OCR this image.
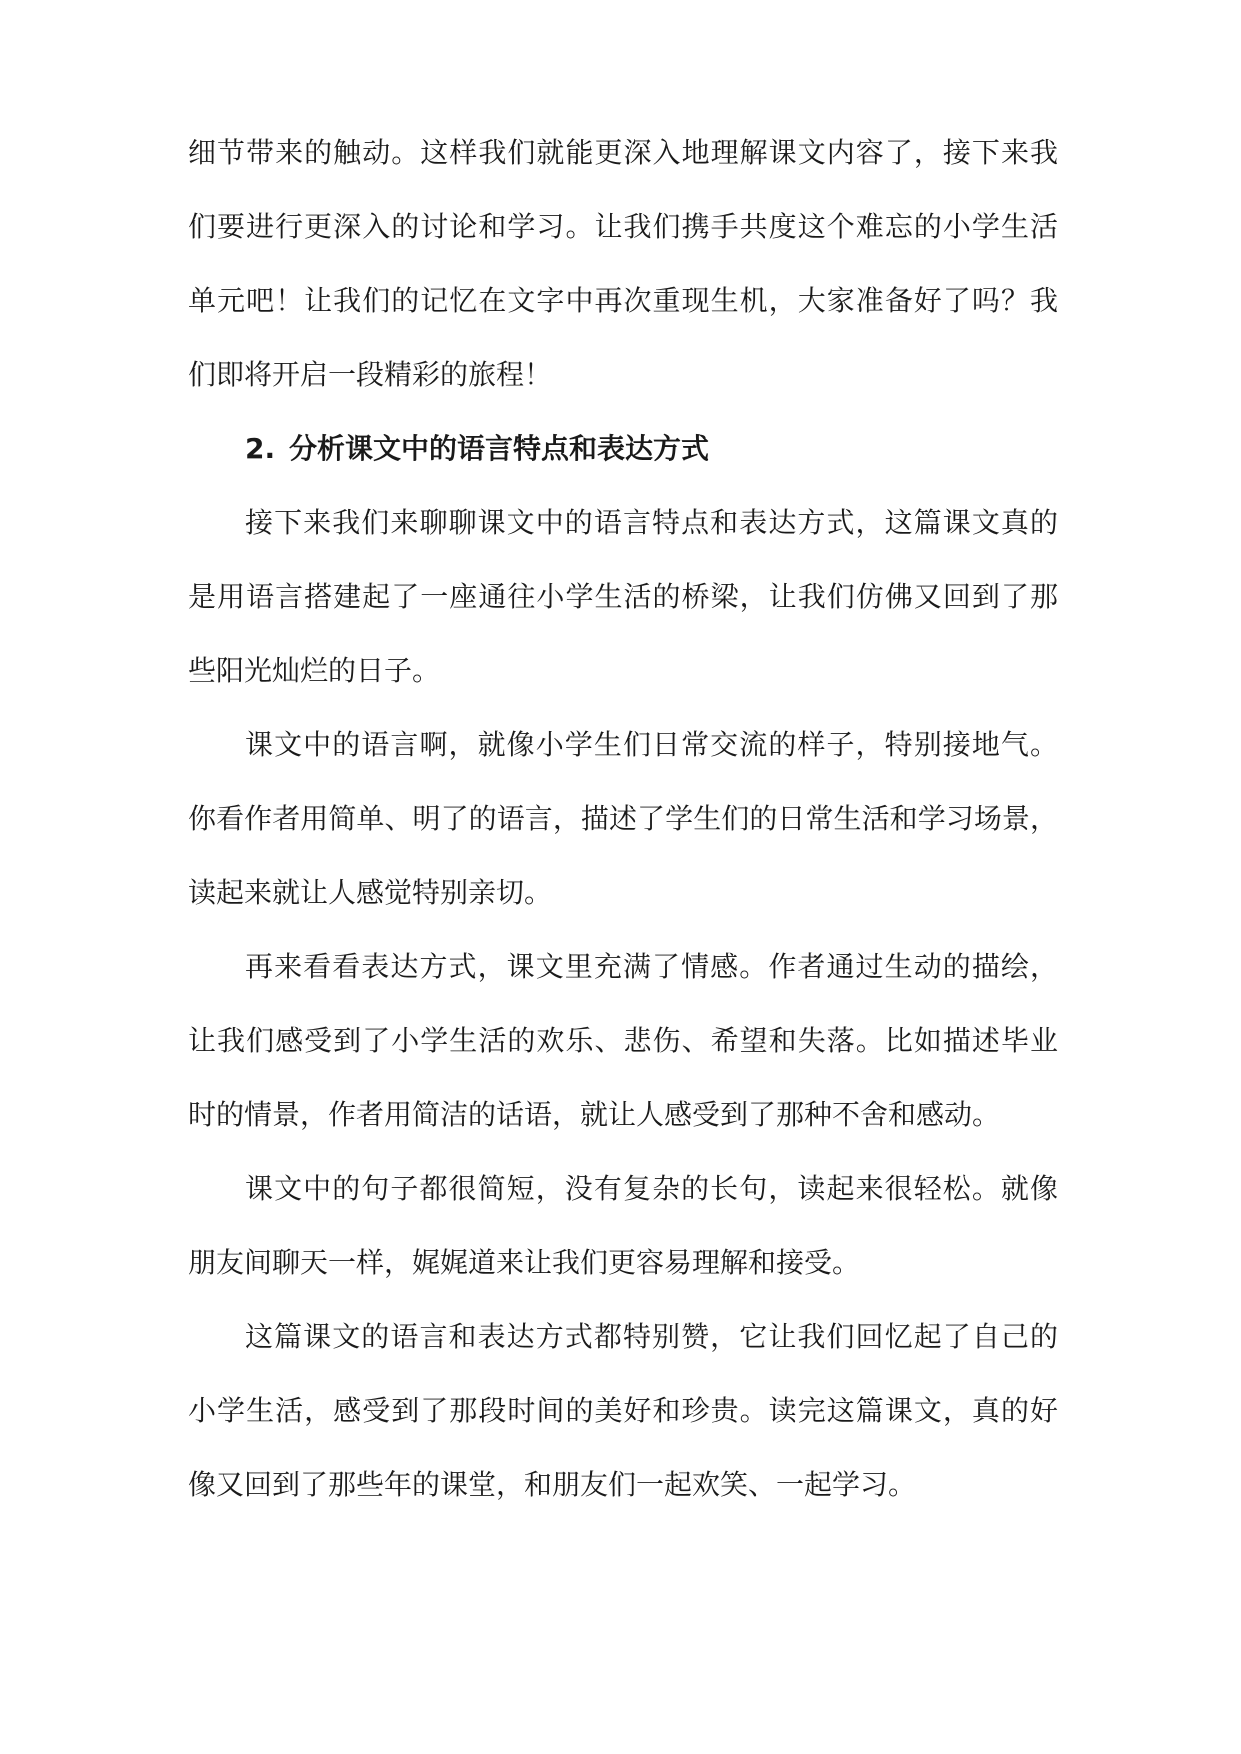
细节带来的触动。这样我们就能更深入地理解课文内容了，接下来我
们要进行更深入的讨论和学习。让我们携手共度这个难忘的小学生活
单元吧！让我们的记忆在文字中再次重现生机，大家准备好了吗？我
们即将开启一段精彩的旅程！
2. 分析课文中的语言特点和表达方式
接下来我们来聊聊课文中的语言特点和表达方式，这篇课文真的
是用语言搭建起了一座通往小学生活的桥梁，让我们仿佛又回到了那
些阳光灿烂的日子。
课文中的语言啊，就像小学生们日常交流的样子，特别接地气。
你看作者用简单、明了的语言，描述了学生们的日常生活和学习场景，
读起来就让人感觉特别亲切。
再来看看表达方式，课文里充满了情感。作者通过生动的描绘，
让我们感受到了小学生活的欢乐、悲伤、希望和失落。比如描述毕业
时的情景，作者用简洁的话语，就让人感受到了那种不舍和感动。
课文中的句子都很简短，没有复杂的长句，读起来很轻松。就像
朋友间聊天一样，娓娓道来让我们更容易理解和接受。
这篇课文的语言和表达方式都特别赞，它让我们回忆起了自己的
小学生活，感受到了那段时间的美好和珍贵。读完这篇课文，真的好
像又回到了那些年的课堂，和朋友们一起欢笑、一起学习。
